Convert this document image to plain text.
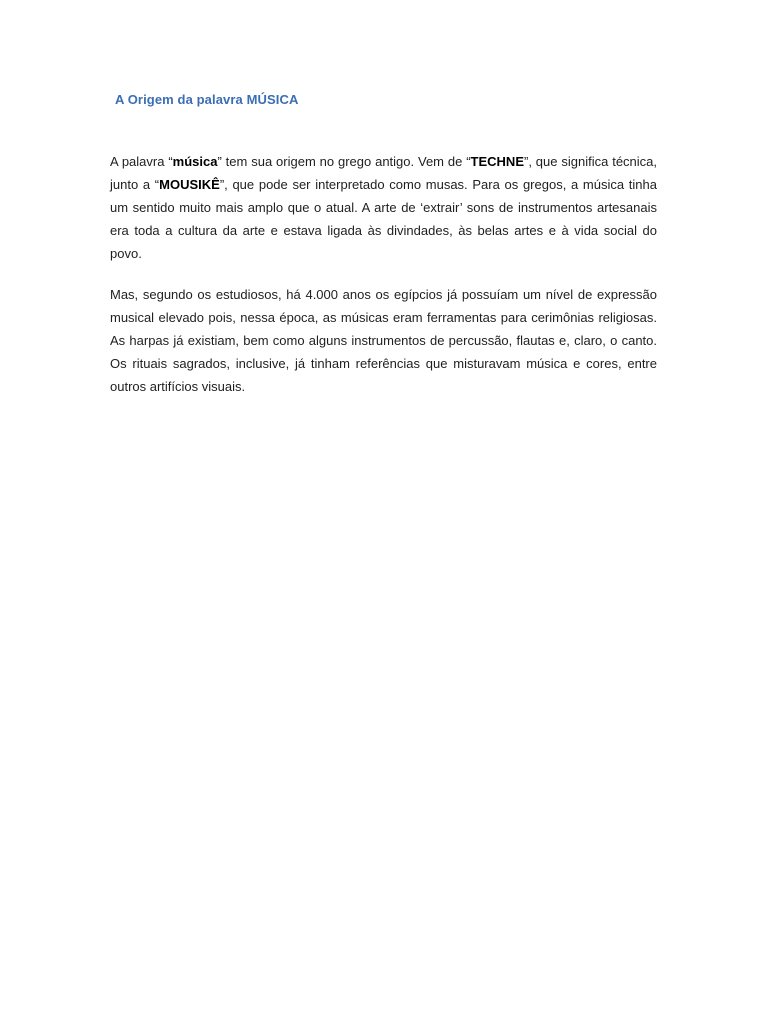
A Origem da palavra MÚSICA

A palavra “música” tem sua origem no grego antigo. Vem de “TECHNE”, que significa técnica, junto a “MOUSIKÊ”, que pode ser interpretado como musas. Para os gregos, a música tinha um sentido muito mais amplo que o atual. A arte de ‘extrair’ sons de instrumentos artesanais era toda a cultura da arte e estava ligada às divindades, às belas artes e à vida social do povo.

Mas, segundo os estudiosos, há 4.000 anos os egípcios já possuíam um nível de expressão musical elevado pois, nessa época, as músicas eram ferramentas para cerimônias religiosas. As harpas já existiam, bem como alguns instrumentos de percussão, flautas e, claro, o canto. Os rituais sagrados, inclusive, já tinham referências que misturavam música e cores, entre outros artifícios visuais.
